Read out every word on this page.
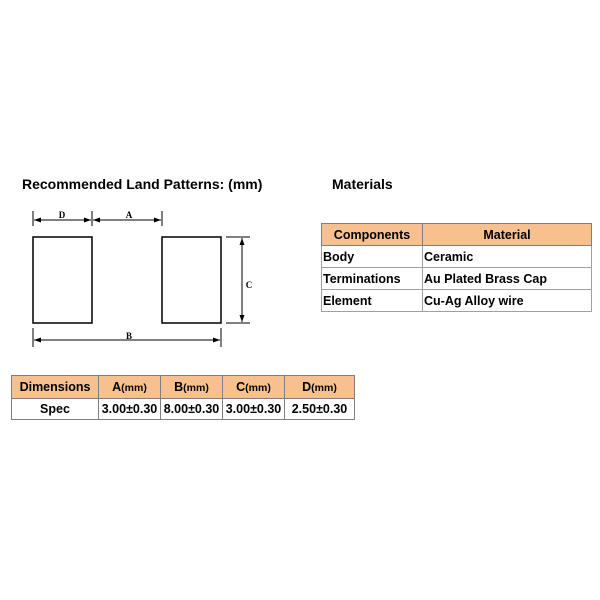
Recommended Land Patterns: (mm)	Materials
D	A
C
B
Components	Material
Body	Ceramic
Terminations	Au Plated Brass Cap
Element	Cu-Ag Alloy wire
Dimensions	A(mm)	B(mm)	C(mm)	D(mm)
Spec	3.00±0.30	8.00±0.30	3.00±0.30	2.50±0.30
